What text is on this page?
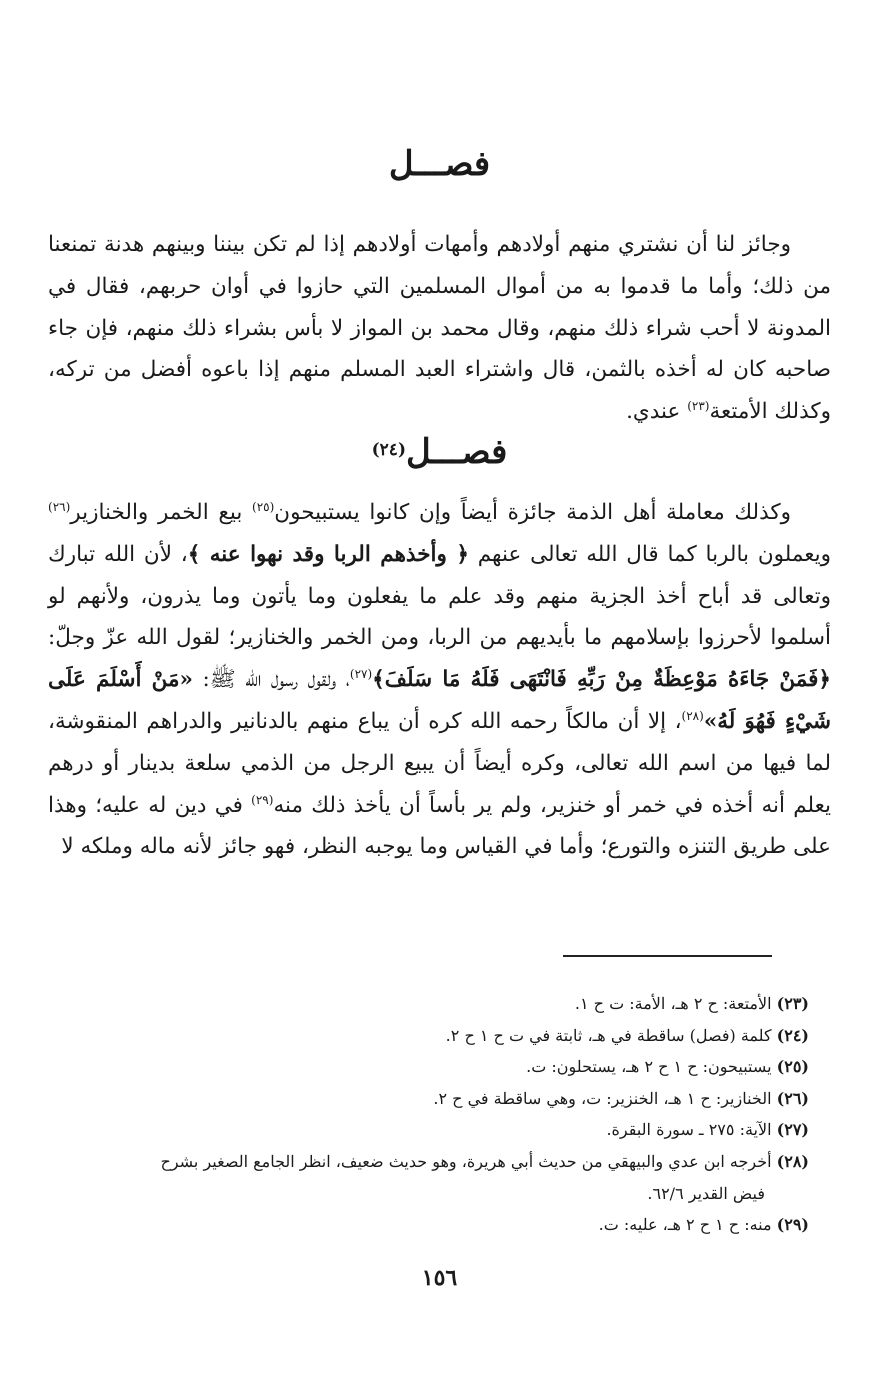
فصـــل

وجائز لنا أن نشتري منهم أولادهم وأمهات أولادهم إذا لم تكن بيننا وبينهم هدنة تمنعنا من ذلك؛ وأما ما قدموا به من أموال المسلمين التي حازوا في أوان حربهم، فقال في المدونة لا أحب شراء ذلك منهم، وقال محمد بن المواز لا بأس بشراء ذلك منهم، فإن جاء صاحبه كان له أخذه بالثمن، قال واشتراء العبد المسلم منهم إذا باعوه أفضل من تركه، وكذلك الأمتعة$^{(٢٣)}$ عندي.

فصـــل$^{(٢٤)}$

وكذلك معاملة أهل الذمة جائزة أيضاً وإن كانوا يستبيحون$^{(٢٥)}$ بيع الخمر والخنازير$^{(٢٦)}$ ويعملون بالربا كما قال الله تعالى عنهم ﴿ وأخذهم الربا وقد نهوا عنه ﴾، لأن الله تبارك وتعالى قد أباح أخذ الجزية منهم وقد علم ما يفعلون وما يأتون وما يذرون، ولأنهم لو أسلموا لأحرزوا بإسلامهم ما بأيديهم من الربا، ومن الخمر والخنازير؛ لقول الله عزّ وجلّ: ﴿فَمَنْ جَاءَهُ مَوْعِظَةٌ مِنْ رَبِّهِ فَانْتَهَى فَلَهُ مَا سَلَفَ﴾$^{(٢٧)}$، ولقول رسول الله ﷺ: «مَنْ أَسْلَمَ عَلَى شَيْءٍ فَهُوَ لَهُ»$^{(٢٨)}$، إلا أن مالكاً رحمه الله كره أن يباع منهم بالدنانير والدراهم المنقوشة، لما فيها من اسم الله تعالى، وكره أيضاً أن يبيع الرجل من الذمي سلعة بدينار أو درهم يعلم أنه أخذه في خمر أو خنزير، ولم ير بأساً أن يأخذ ذلك منه$^{(٢٩)}$ في دين له عليه؛ وهذا على طريق التنزه والتورع؛ وأما في القياس وما يوجبه النظر، فهو جائز لأنه ماله وملكه لا

(٢٣) الأمتعة: ح ٢ هـ، الأمة: ت ح ١.

(٢٤) كلمة (فصل) ساقطة في هـ، ثابتة في ت ح ١ ح ٢.

(٢٥) يستبيحون: ح ١ ح ٢ هـ، يستحلون: ت.

(٢٦) الخنازير: ح ١ هـ، الخنزير: ت، وهي ساقطة في ح ٢.

(٢٧) الآية: ٢٧٥ ـ سورة البقرة.

(٢٨) أخرجه ابن عدي والبيهقي من حديث أبي هريرة، وهو حديث ضعيف، انظر الجامع الصغير بشرح

فيض القدير ٦٢/٦.

(٢٩) منه: ح ١ ح ٢ هـ، عليه: ت.

١٥٦
